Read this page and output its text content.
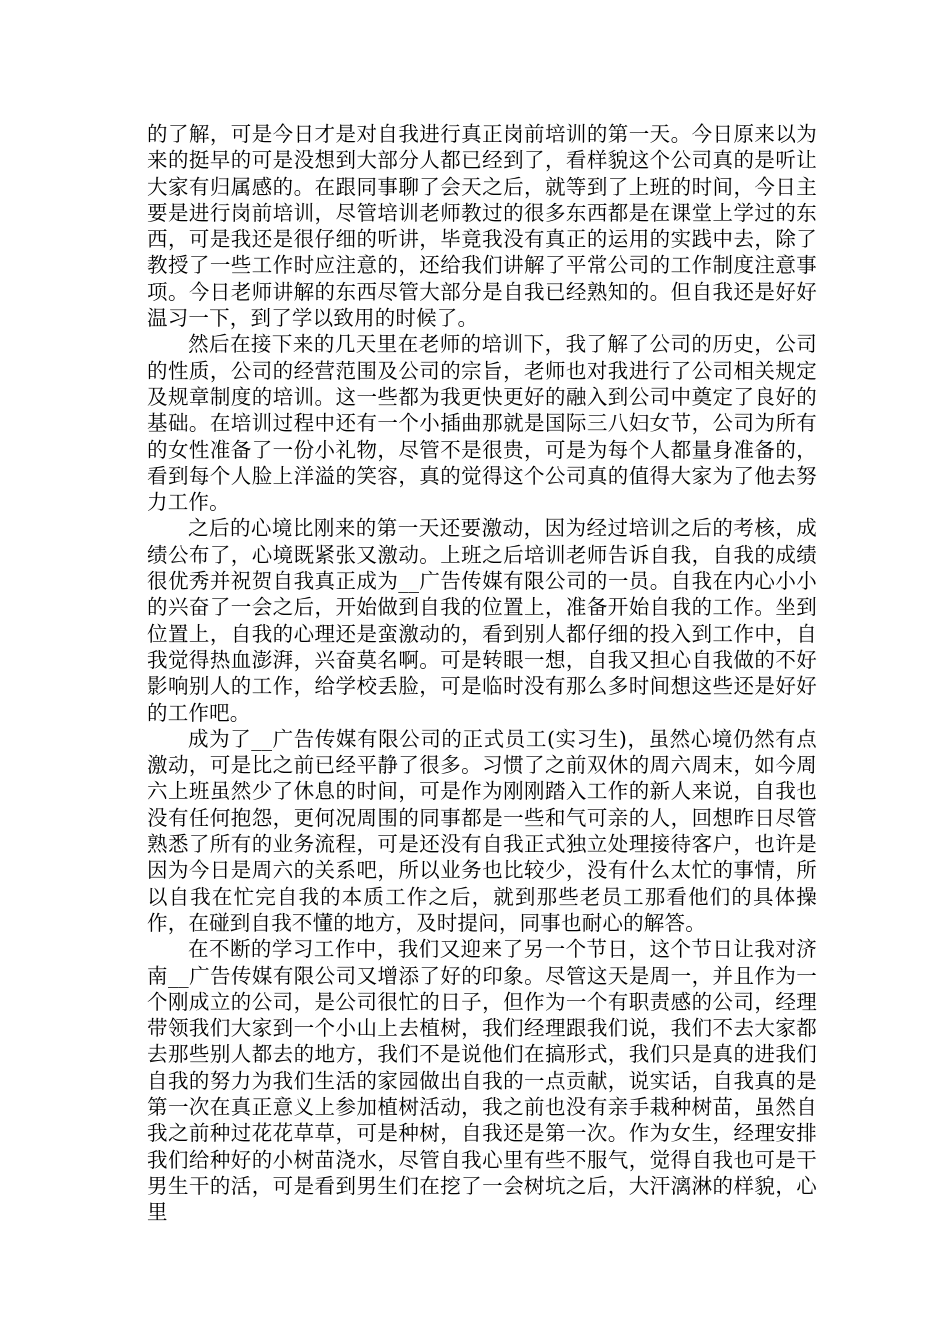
的了解，可是今日才是对自我进行真正岗前培训的第一天。今日原来以为来的挺早的可是没想到大部分人都已经到了，看样貌这个公司真的是听让大家有归属感的。在跟同事聊了会天之后，就等到了上班的时间，今日主要是进行岗前培训，尽管培训老师教过的很多东西都是在课堂上学过的东西，可是我还是很仔细的听讲，毕竟我没有真正的运用的实践中去，除了教授了一些工作时应注意的，还给我们讲解了平常公司的工作制度注意事项。今日老师讲解的东西尽管大部分是自我已经熟知的。但自我还是好好温习一下，到了学以致用的时候了。

然后在接下来的几天里在老师的培训下，我了解了公司的历史，公司的性质，公司的经营范围及公司的宗旨，老师也对我进行了公司相关规定及规章制度的培训。这一些都为我更快更好的融入到公司中奠定了良好的基础。在培训过程中还有一个小插曲那就是国际三八妇女节，公司为所有的女性准备了一份小礼物，尽管不是很贵，可是为每个人都量身准备的，看到每个人脸上洋溢的笑容，真的觉得这个公司真的值得大家为了他去努力工作。

之后的心境比刚来的第一天还要激动，因为经过培训之后的考核，成绩公布了，心境既紧张又激动。上班之后培训老师告诉自我，自我的成绩很优秀并祝贺自我真正成为__广告传媒有限公司的一员。自我在内心小小的兴奋了一会之后，开始做到自我的位置上，准备开始自我的工作。坐到位置上，自我的心理还是蛮激动的，看到别人都仔细的投入到工作中，自我觉得热血澎湃，兴奋莫名啊。可是转眼一想，自我又担心自我做的不好影响别人的工作，给学校丢脸，可是临时没有那么多时间想这些还是好好的工作吧。

成为了__广告传媒有限公司的正式员工(实习生)，虽然心境仍然有点激动，可是比之前已经平静了很多。习惯了之前双休的周六周末，如今周六上班虽然少了休息的时间，可是作为刚刚踏入工作的新人来说，自我也没有任何抱怨，更何况周围的同事都是一些和气可亲的人，回想昨日尽管熟悉了所有的业务流程，可是还没有自我正式独立处理接待客户，也许是因为今日是周六的关系吧，所以业务也比较少，没有什么太忙的事情，所以自我在忙完自我的本质工作之后，就到那些老员工那看他们的具体操作，在碰到自我不懂的地方，及时提问，同事也耐心的解答。

在不断的学习工作中，我们又迎来了另一个节日，这个节日让我对济南__广告传媒有限公司又增添了好的印象。尽管这天是周一，并且作为一个刚成立的公司，是公司很忙的日子，但作为一个有职责感的公司，经理带领我们大家到一个小山上去植树，我们经理跟我们说，我们不去大家都去那些别人都去的地方，我们不是说他们在搞形式，我们只是真的进我们自我的努力为我们生活的家园做出自我的一点贡献，说实话，自我真的是第一次在真正意义上参加植树活动，我之前也没有亲手栽种树苗，虽然自我之前种过花花草草，可是种树，自我还是第一次。作为女生，经理安排我们给种好的小树苗浇水，尽管自我心里有些不服气，觉得自我也可是干男生干的活，可是看到男生们在挖了一会树坑之后，大汗漓淋的样貌，心里
